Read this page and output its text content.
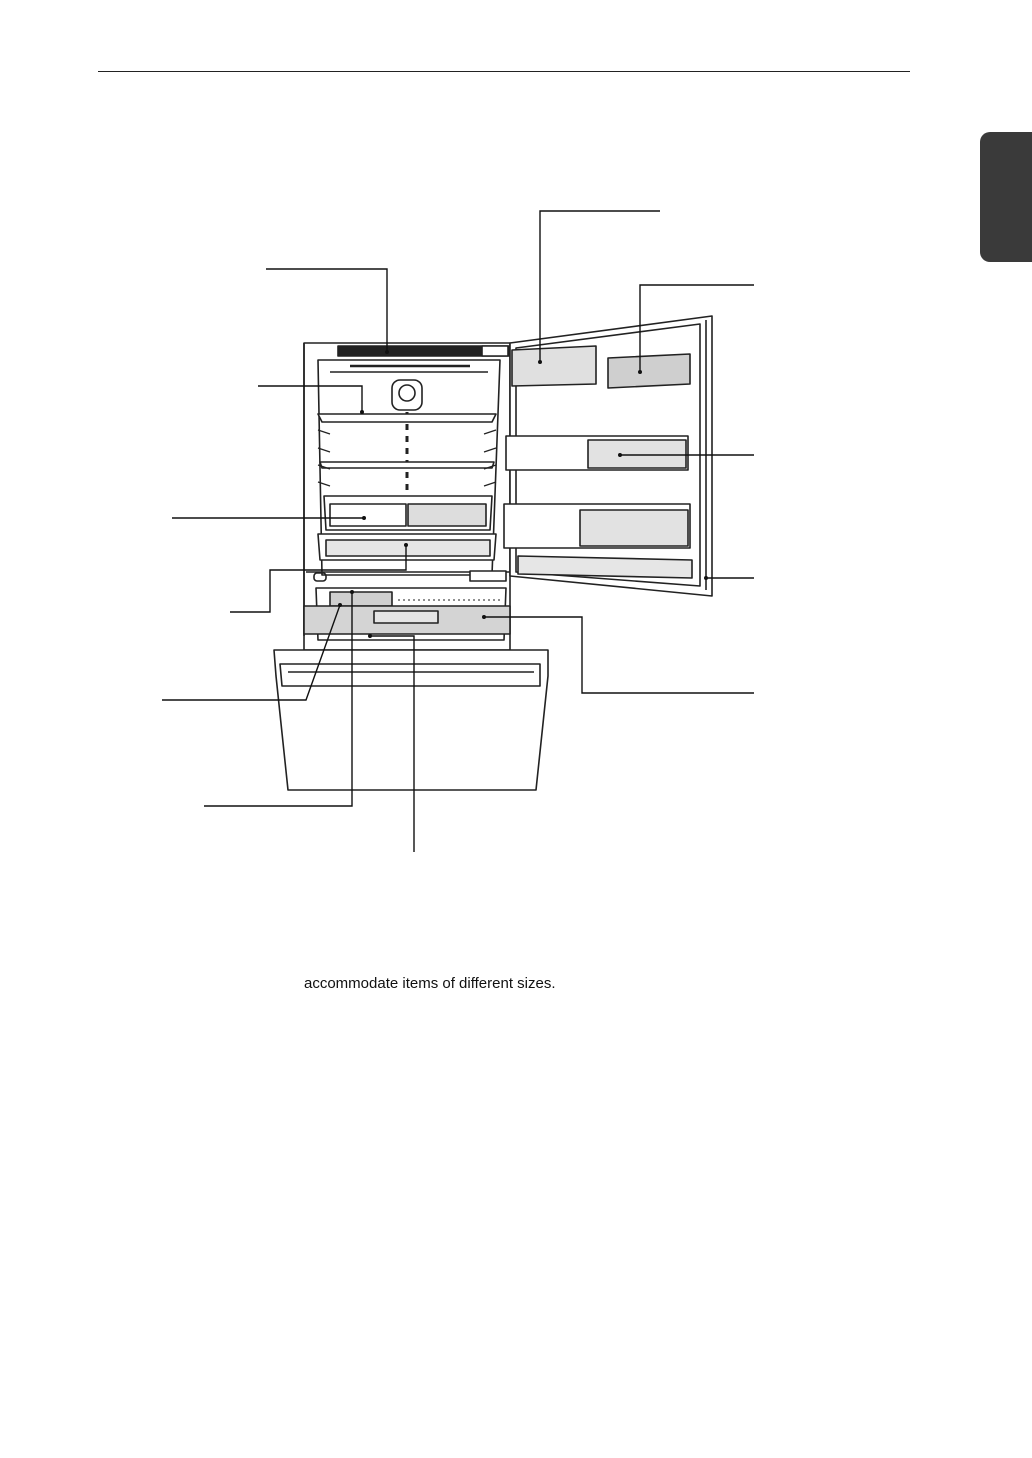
accommodate items of different sizes.
